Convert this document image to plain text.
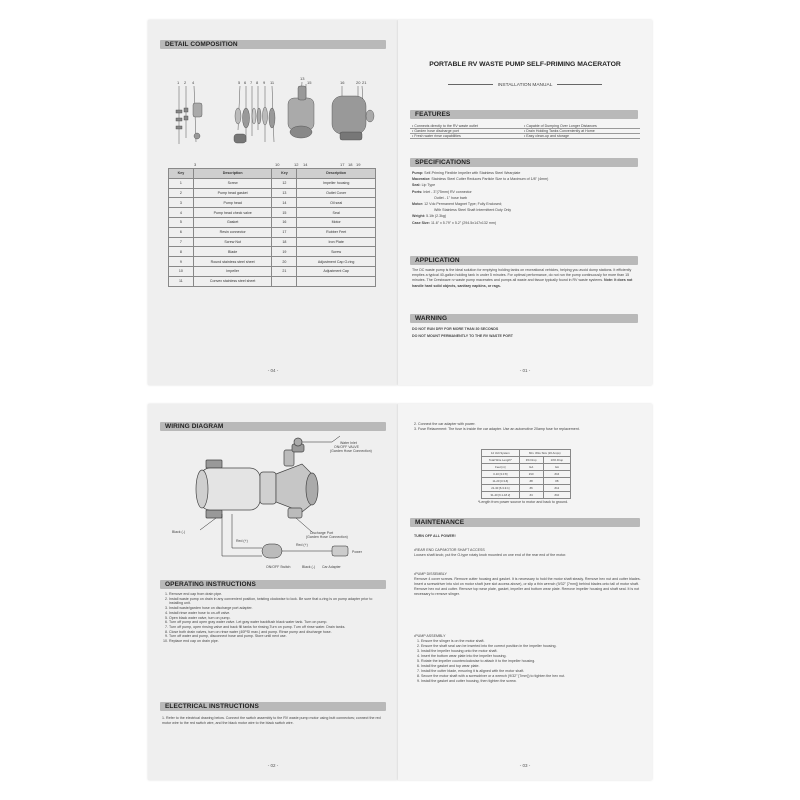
DETAIL COMPOSITION
1 2 4	5 6 7 8 9 11
13
15	16	20 21
3	10	12 14	17 18 19
Key	Description	Key	Description
1	Screw	12	Impeller housing
2	Pump head gasket	13	Outlet Cover
3	Pump head	14	Oil seal
4	Pump head check valve	15	Seal
5	Gasket	16	Motor
6	Resin connector	17	Rubber Feet
7	Screw Nut	18	Iron Plate
8	Blade	19	Screw
9	Round stainless steel sheet	20	Adjustment Cap O-ring
10	Impeller	21	Adjustment Cap
11	Convex stainless steel sheet		
- 04 -
PORTABLE RV WASTE PUMP SELF-PRIMING MACERATOR
INSTALLATION MANUAL
FEATURES
• Connects directly to the RV waste outlet
• Garden hose discharge port
• Fresh water rinse capabilities
• Capable of Dumping Over Longer Distances
• Drain Holding Tanks Conveniently at Home
• Easy clean-up and storage
SPECIFICATIONS
Pump: Self-Priming Flexible Impeller with Stainless Steel Wearplate
Macerator: Stainless Steel Cutter Reduces Particle Size to a Maximum of 1/8" (4mm)
Seal: Lip Type
Ports: Inlet - 3"(75mm) RV connector
Outlet - 1" hose barb
Motor: 12 Vdc Permanent Magnet Type; Fully Enclosed;
With Stainless Steel Shaft Intermittent Duty Only
Weight: 5.1lb (2.3kg)
Case Size: 11.6" x 5.79" x 5.2" (294.5x147x132 mm)
APPLICATION
The DC waste pump is the ideal solution for emptying holding tanks on recreational vehicles, helping you avoid dump stations. It efficiently empties a typical 40-gallon holding tank in under 5 minutes. For optimal performance, do not run the pump continuously for more than 15 minutes. The Crestwave rv waste pump macerates and pumps all waste and tissue typically found in RV waste systems. Note: It does not handle hard solid objects, sanitary napkins, or rags.
WARNING
DO NOT RUN DRY FOR MORE THAN 30 SECONDS
DO NOT MOUNT PERMANENTLY TO THE RV WASTE PORT
- 01 -
WIRING DIAGRAM
Water Inlet
ON/OFF VALVE
(Garden Hose Connection)
Discharge Port
(Garden Hose Connection)
Black (-)
Red (+)
Red (+)
ON/OFF Switch	Black (-) Car Adapter
Power
OPERATING INSTRUCTIONS
1. Remove end cap from drain pipe.
2. Install waste pump on drain in any convenient position, twisting clockwise to lock. Be sure that o-ring is on pump adapter prior to installing unit.
3. Install waste/garden hose on discharge port adapter.
4. Install rinse water hose to on-off valve.
5. Open black water valve, turn on pump.
6. Turn off pump and open gray water valve. Let gray water backflush black water tank. Turn on pump.
7. Turn off pump, open rinsing valve and back fill tanks for rinsing.Turn on pump. Turn off rinse water. Drain tanks.
8. Close both drain valves, turn on rinse water (40PSI max.) and pump. Rinse pump and discharge hose.
9. Turn off water and pump, disconnect hose and pump. Store until next use.
10. Replace end cap on drain pipe.
ELECTRICAL INSTRUCTIONS
1. Refer to the electrical drawing below. Connect the switch assembly to the RV waste pump motor using butt connectors; connect the red motor wire to the red switch wire, and the black motor wire to the black switch wire.
- 02 -
2. Connect the car adapter with power.
3. Fuse Relacement: The fuse is inside the car adapter. Use an automotive 20amp fuse for replacement.
12 Volt System	Min. Wire Size (20 Amps)	
Total Wire Length*	3% Drop	10% Drop
Feet [m]	GA	GA
0-10 [3.0 8]	#10	#16
11-20 [3.3-6]	#8	#8
21-30 [6.3-9.1]	#6	#12
31-40 [9.1-18.2]	#4	#10
*Length from power source to motor and back to ground.
MAINTENANCE
TURN OFF ALL POWER!
•REAR END CAP/MOTOR SHAFT ACCESS
Loosen shaft knob, put the O-type rotaty knob mounted on one end of the rear end of the motor.
•PUMP DISSEMBLY
Remove 4 cover screws. Remove cutter housing and gasket. It is necessary to hold the motor shaft steady. Remove hex nut and cutter blades. Insert a screwdriver into slot on motor shaft (see slot access above), or slip a thin wrench (9/32" [7mm]) behind blades onto tall of motor shaft. Remove hex nut and cutter. Remove top wear plate, gasket, impeller and bottom wear plate. Remove impeller housing and shaft seal. It is not necessary to remove slinger.
•PUMP ASSEMBLY
1. Ensure the slinger is on the motor shaft.
2. Ensure the shaft seal can be inserted into the correct position in the impeller housing.
3. Install the impeller housing onto the motor shaft.
4. Insert the bottom wear plate into the impeller housing.
5. Rotate the impeller counterclockwise to attach it to the impeller housing.
6. Install the gasket and top wear plate.
7. Install the cutter blade, ensuring it is aligned with the motor shaft.
8. Secure the motor shaft with a screwdriver or a wrench (9/32" [7mm]) to tighten the hex nut.
9. Install the gasket and cutter housing, then tighten the screw.
- 03 -
